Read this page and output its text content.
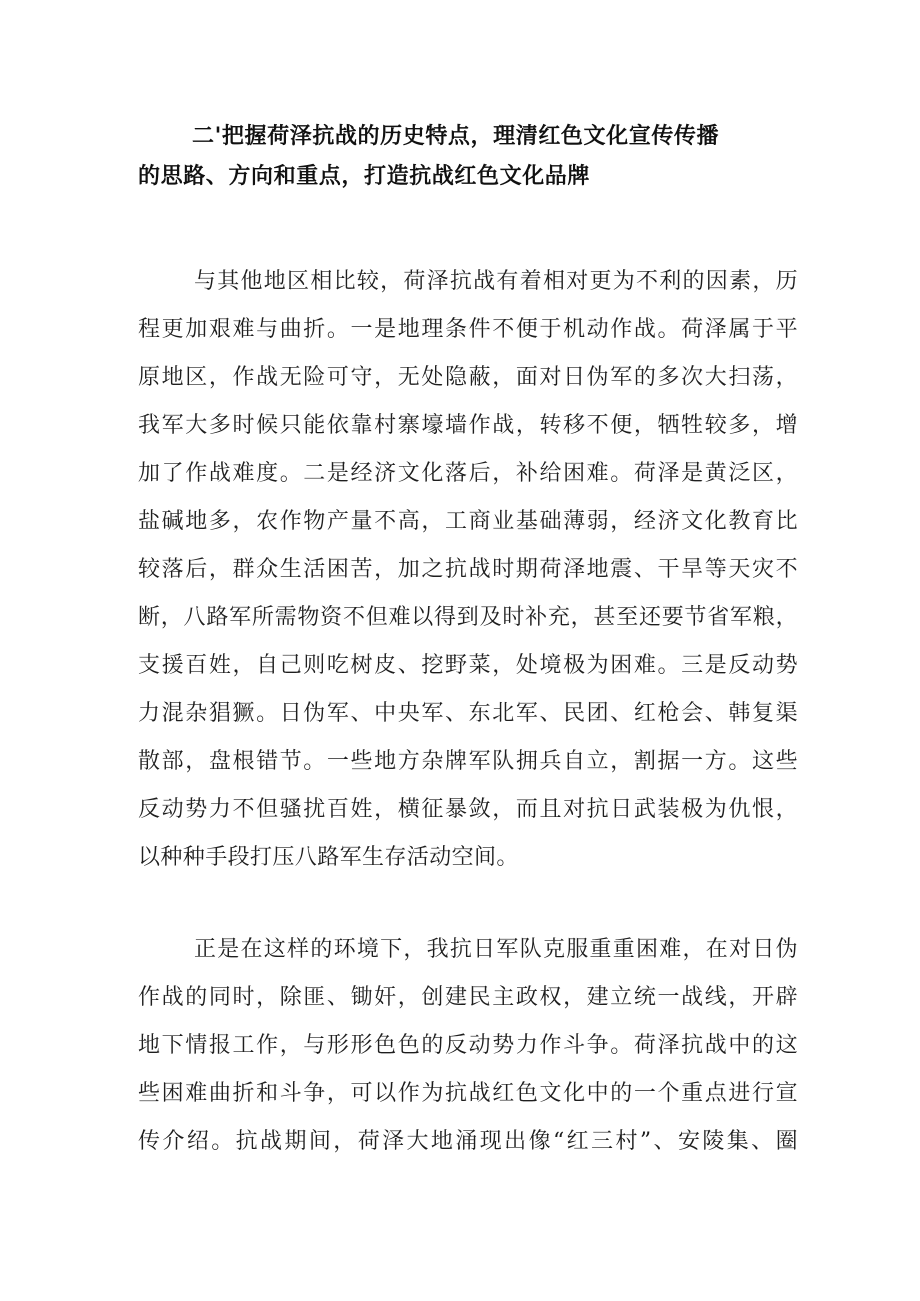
二'把握荷泽抗战的历史特点，理清红色文化宣传传播
的思路、方向和重点，打造抗战红色文化品牌
与其他地区相比较，荷泽抗战有着相对更为不利的因素，历
程更加艰难与曲折。一是地理条件不便于机动作战。荷泽属于平
原地区，作战无险可守，无处隐蔽，面对日伪军的多次大扫荡，
我军大多时候只能依靠村寨壕墙作战，转移不便，牺牲较多，增
加了作战难度。二是经济文化落后，补给困难。荷泽是黄泛区，
盐碱地多，农作物产量不高，工商业基础薄弱，经济文化教育比
较落后，群众生活困苦，加之抗战时期荷泽地震、干旱等天灾不
断，八路军所需物资不但难以得到及时补充，甚至还要节省军粮，
支援百姓，自己则吃树皮、挖野菜，处境极为困难。三是反动势
力混杂猖獗。日伪军、中央军、东北军、民团、红枪会、韩复渠
散部，盘根错节。一些地方杂牌军队拥兵自立，割据一方。这些
反动势力不但骚扰百姓，横征暴敛，而且对抗日武装极为仇恨，
以种种手段打压八路军生存活动空间。
正是在这样的环境下，我抗日军队克服重重困难，在对日伪
作战的同时，除匪、锄奸，创建民主政权，建立统一战线，开辟
地下情报工作，与形形色色的反动势力作斗争。荷泽抗战中的这
些困难曲折和斗争，可以作为抗战红色文化中的一个重点进行宣
传介绍。抗战期间，荷泽大地涌现出像“红三村”、安陵集、圈
